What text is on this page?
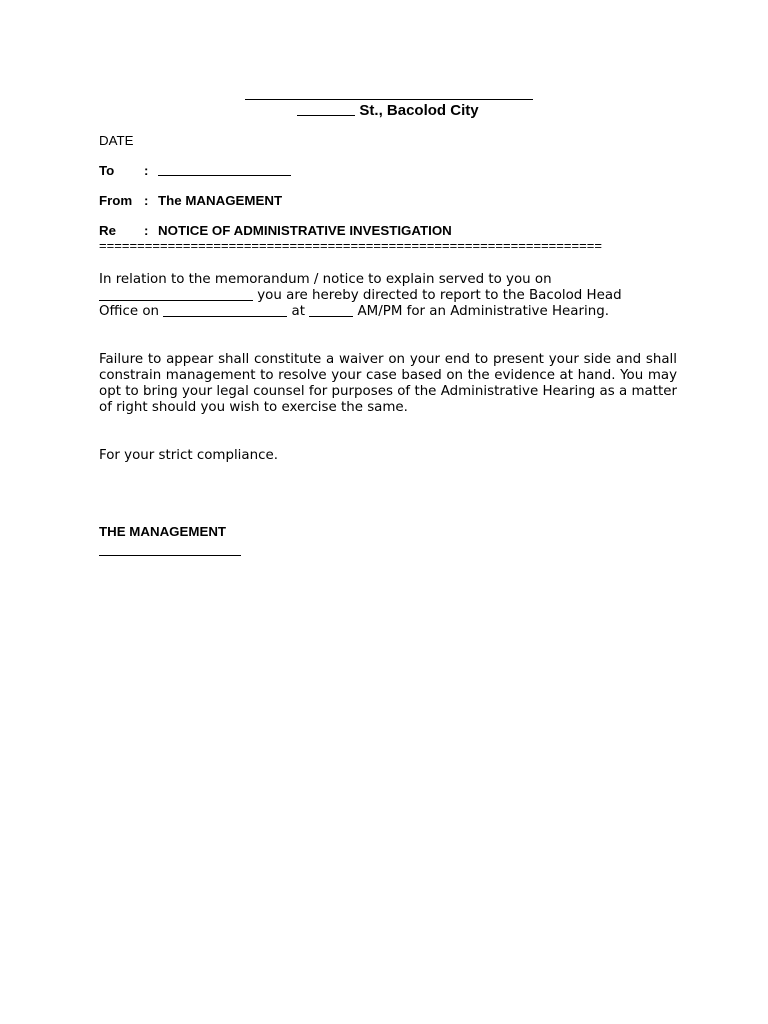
St., Bacolod City
DATE
To :
From : The MANAGEMENT
Re : NOTICE OF ADMINISTRATIVE INVESTIGATION
==================================================================
In relation to the memorandum / notice to explain served to you on
you are hereby directed to report to the Bacolod Head
Office on	at	AM/PM for an Administrative Hearing.
Failure to appear shall constitute a waiver on your end to present your side and shall constrain management to resolve your case based on the evidence at hand. You may opt to bring your legal counsel for purposes of the Administrative Hearing as a matter of right should you wish to exercise the same.
For your strict compliance.
THE MANAGEMENT
